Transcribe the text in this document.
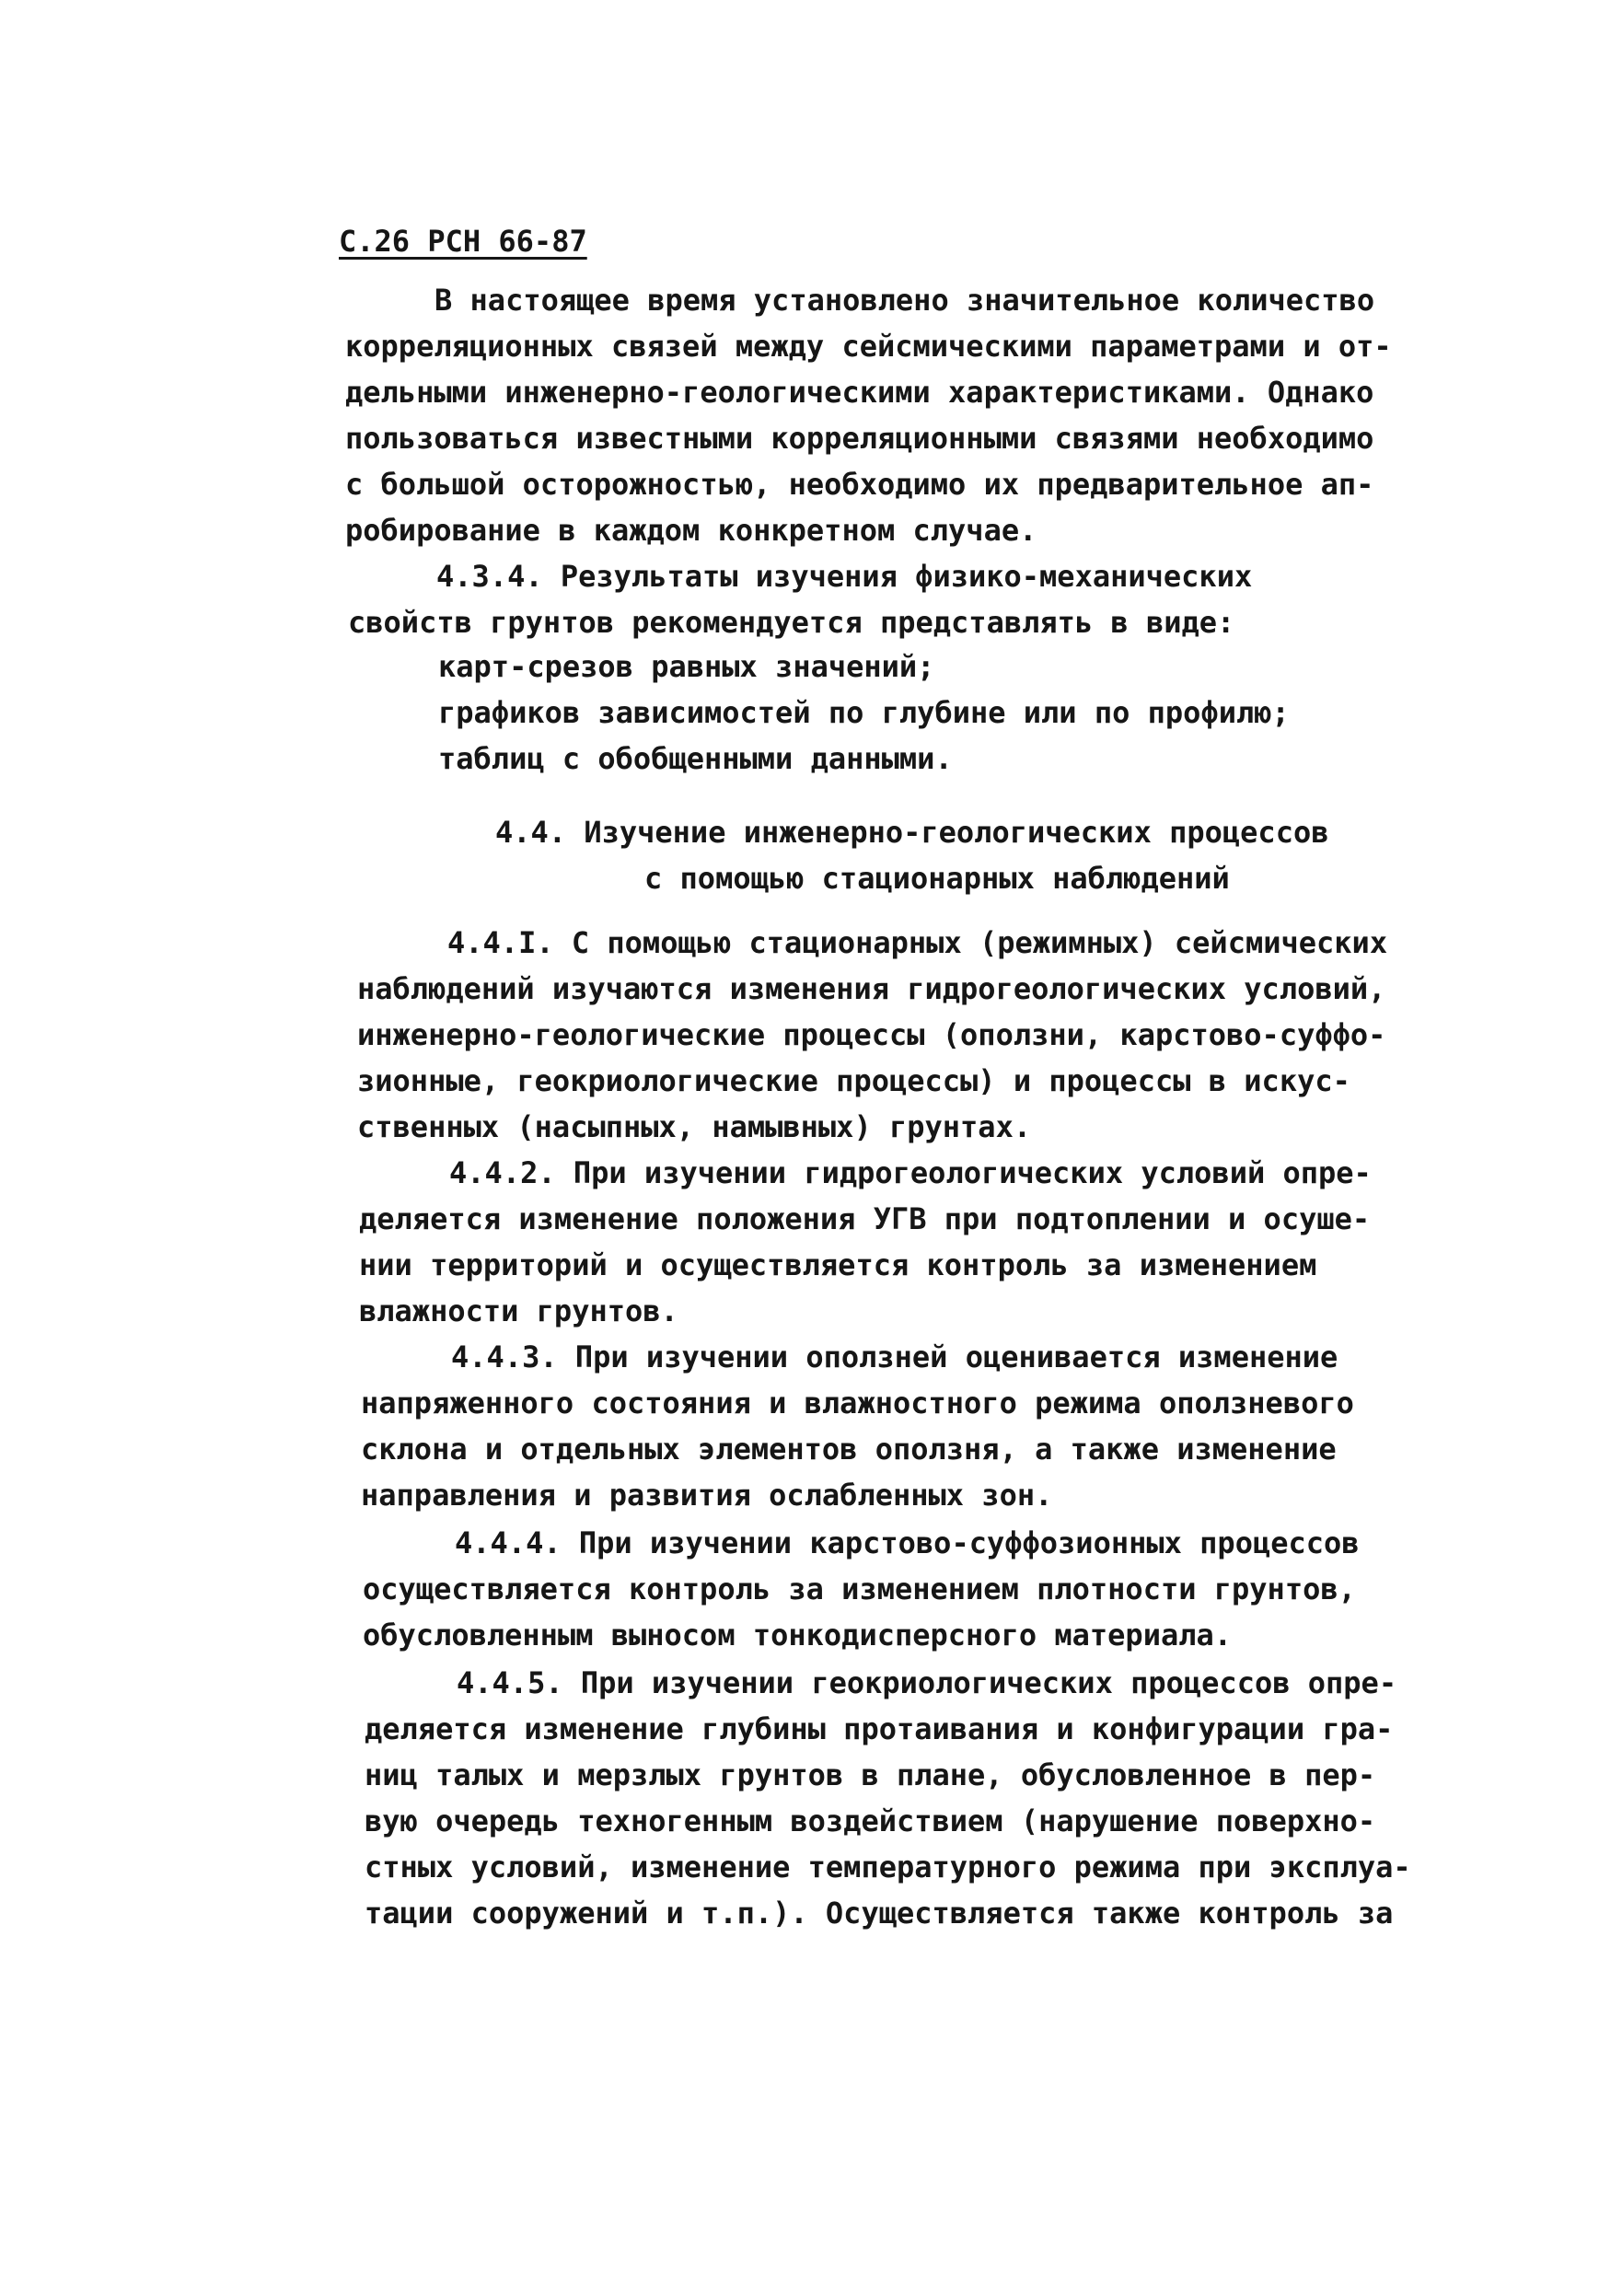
С.26 РСН 66-87
В настоящее время установлено значительное количество
корреляционных связей между сейсмическими параметрами и от-
дельными инженерно-геологическими характеристиками. Однако
пользоваться известными корреляционными связями необходимо
с большой осторожностью, необходимо их предварительное ап-
робирование в каждом конкретном случае.
4.3.4. Результаты изучения физико-механических
свойств грунтов рекомендуется представлять в виде:
карт-срезов равных значений;
графиков зависимостей по глубине или по профилю;
таблиц с обобщенными данными.
4.4. Изучение инженерно-геологических процессов
с помощью стационарных наблюдений
4.4.I. С помощью стационарных (режимных) сейсмических
наблюдений изучаются изменения гидрогеологических условий,
инженерно-геологические процессы (оползни, карстово-суффо-
зионные, геокриологические процессы) и процессы в искус-
ственных (насыпных, намывных) грунтах.
4.4.2. При изучении гидрогеологических условий опре-
деляется изменение положения УГВ при подтоплении и осуше-
нии территорий и осуществляется контроль за изменением
влажности грунтов.
4.4.3. При изучении оползней оценивается изменение
напряженного состояния и влажностного режима оползневого
склона и отдельных элементов оползня, а также изменение
направления и развития ослабленных зон.
4.4.4. При изучении карстово-суффозионных процессов
осуществляется контроль за изменением плотности грунтов,
обусловленным выносом тонкодисперсного материала.
4.4.5. При изучении геокриологических процессов опре-
деляется изменение глубины протаивания и конфигурации гра-
ниц талых и мерзлых грунтов в плане, обусловленное в пер-
вую очередь техногенным воздействием (нарушение поверхно-
стных условий, изменение температурного режима при эксплуа-
тации сооружений и т.п.). Осуществляется также контроль за
